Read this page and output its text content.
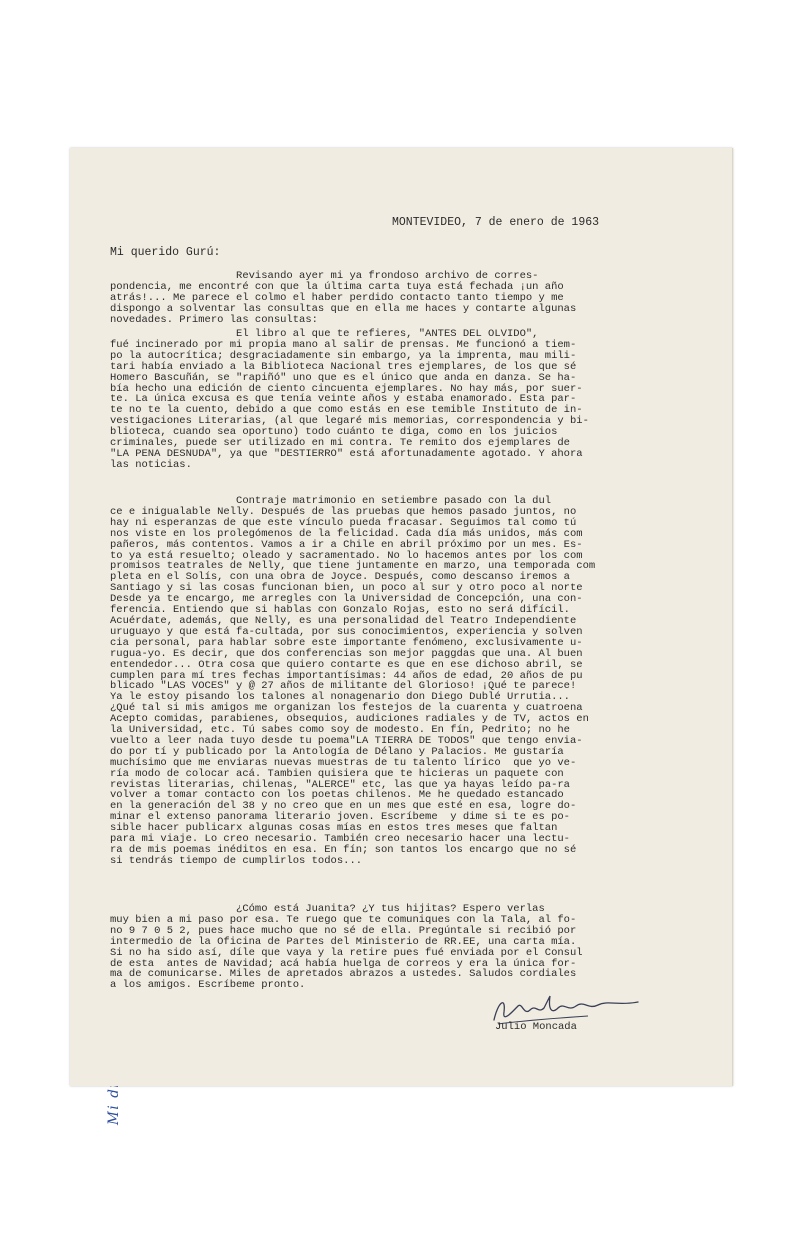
MONTEVIDEO, 7 de enero de 1963
Mi querido Gurú:
Revisando ayer mi ya frondoso archivo de corres-
pondencia, me encontré con que la última carta tuya está fechada ¡un año
atrás!... Me parece el colmo el haber perdido contacto tanto tiempo y me
dispongo a solventar las consultas que en ella me haces y contarte algunas
novedades. Primero las consultas:
El libro al que te refieres, "ANTES DEL OLVIDO",
fué incinerado por mi propia mano al salir de prensas. Me funcionó a tiem-
po la autocrítica; desgraciadamente sin embargo, ya la imprenta, mau mili-
tari había enviado a la Biblioteca Nacional tres ejemplares, de los que sé
Homero Bascuñán, se "rapiñó" uno que es el único que anda en danza. Se ha-
bía hecho una edición de ciento cincuenta ejemplares. No hay más, por suer-
te. La única excusa es que tenía veinte años y estaba enamorado. Esta par-
te no te la cuento, debido a que como estás en ese temible Instituto de in-
vestigaciones Literarias, (al que legaré mis memorias, correspondencia y bi-
blioteca, cuando sea oportuno) todo cuánto te diga, como en los juicios
criminales, puede ser utilizado en mi contra. Te remito dos ejemplares de
"LA PENA DESNUDA", ya que "DESTIERRO" está afortunadamente agotado. Y ahora
las noticias.
Contraje matrimonio en setiembre pasado con la dul
ce e inigualable Nelly. Después de las pruebas que hemos pasado juntos, no
hay ni esperanzas de que este vínculo pueda fracasar. Seguimos tal como tú
nos viste en los prolegómenos de la felicidad. Cada día más unidos, más com
pañeros, más contentos. Vamos a ir a Chile en abril próximo por un mes. Es-
to ya está resuelto; oleado y sacramentado. No lo hacemos antes por los com
promisos teatrales de Nelly, que tiene juntamente en marzo, una temporada com
pleta en el Solís, con una obra de Joyce. Después, como descanso iremos a
Santiago y si las cosas funcionan bien, un poco al sur y otro poco al norte
Desde ya te encargo, me arregles con la Universidad de Concepción, una con-
ferencia. Entiendo que si hablas con Gonzalo Rojas, esto no será difícil.
Acuérdate, además, que Nelly, es una personalidad del Teatro Independiente
uruguayo y que está fa-cultada, por sus conocimientos, experiencia y solven
cia personal, para hablar sobre este importante fenómeno, exclusivamente u-
rugua-yo. Es decir, que dos conferencias son mejor paggdas que una. Al buen
entendedor... Otra cosa que quiero contarte es que en ese dichoso abril, se
cumplen para mí tres fechas importantísimas: 44 años de edad, 20 años de pu
blicado "LAS VOCES" y @ 27 años de militante del Glorioso! ¡Qué te parece!
Ya le estoy pisando los talones al nonagenario don Diego Dublé Urrutia...
¿Qué tal si mis amigos me organizan los festejos de la cuarenta y cuatroena
Acepto comidas, parabienes, obsequios, audiciones radiales y de TV, actos en
la Universidad, etc. Tú sabes como soy de modesto. En fín, Pedrito; no he
vuelto a leer nada tuyo desde tu poema"LA TIERRA DE TODOS" que tengo envia-
do por tí y publicado por la Antología de Délano y Palacios. Me gustaría
muchísimo que me enviaras nuevas muestras de tu talento lírico  que yo ve-
ría modo de colocar acá. Tambien quisiera que te hicieras un paquete con
revistas literarias, chilenas, "ALERCE" etc, las que ya hayas leído pa-ra
volver a tomar contacto con los poetas chilenos. Me he quedado estancado
en la generación del 38 y no creo que en un mes que esté en esa, logre do-
minar el extenso panorama literario joven. Escríbeme  y dime si te es po-
sible hacer publicarx algunas cosas mías en estos tres meses que faltan
para mi viaje. Lo creo necesario. También creo necesario hacer una lectu-
ra de mis poemas inéditos en esa. En fín; son tantos los encargo que no sé
si tendrás tiempo de cumplirlos todos...
¿Cómo está Juanita? ¿Y tus hijitas? Espero verlas
muy bien a mi paso por esa. Te ruego que te comuniques con la Tala, al fo-
no 9 7 0 5 2, pues hace mucho que no sé de ella. Pregúntale si recibió por
intermedio de la Oficina de Partes del Ministerio de RR.EE, una carta mía.
Si no ha sido así, díle que vaya y la retire pues fué enviada por el Consul
de esta  antes de Navidad; acá había huelga de correos y era la única for-
ma de comunicarse. Miles de apretados abrazos a ustedes. Saludos cordiales
a los amigos. Escríbeme pronto.
Julio Moncada
